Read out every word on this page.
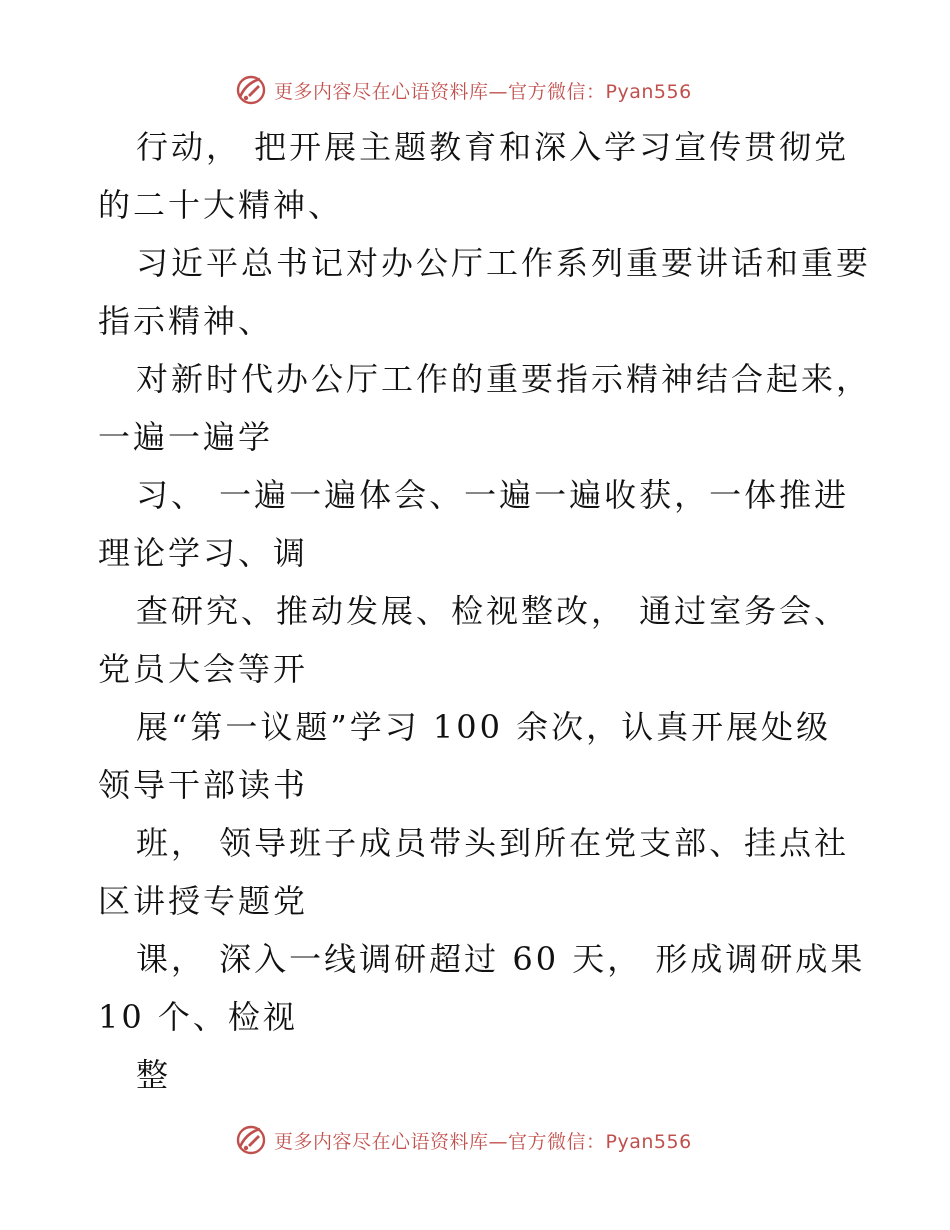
更多内容尽在心语资料库—官方微信：Pyan556
行动， 把开展主题教育和深入学习宣传贯彻党
的二十大精神、
习近平总书记对办公厅工作系列重要讲话和重要
指示精神、
对新时代办公厅工作的重要指示精神结合起来，
一遍一遍学
习、 一遍一遍体会、一遍一遍收获，一体推进
理论学习、调
查研究、推动发展、检视整改， 通过室务会、
党员大会等开
展“第一议题”学习 100 余次，认真开展处级
领导干部读书
班， 领导班子成员带头到所在党支部、挂点社
区讲授专题党
课， 深入一线调研超过 60 天， 形成调研成果
10 个、检视
整
更多内容尽在心语资料库—官方微信：Pyan556
